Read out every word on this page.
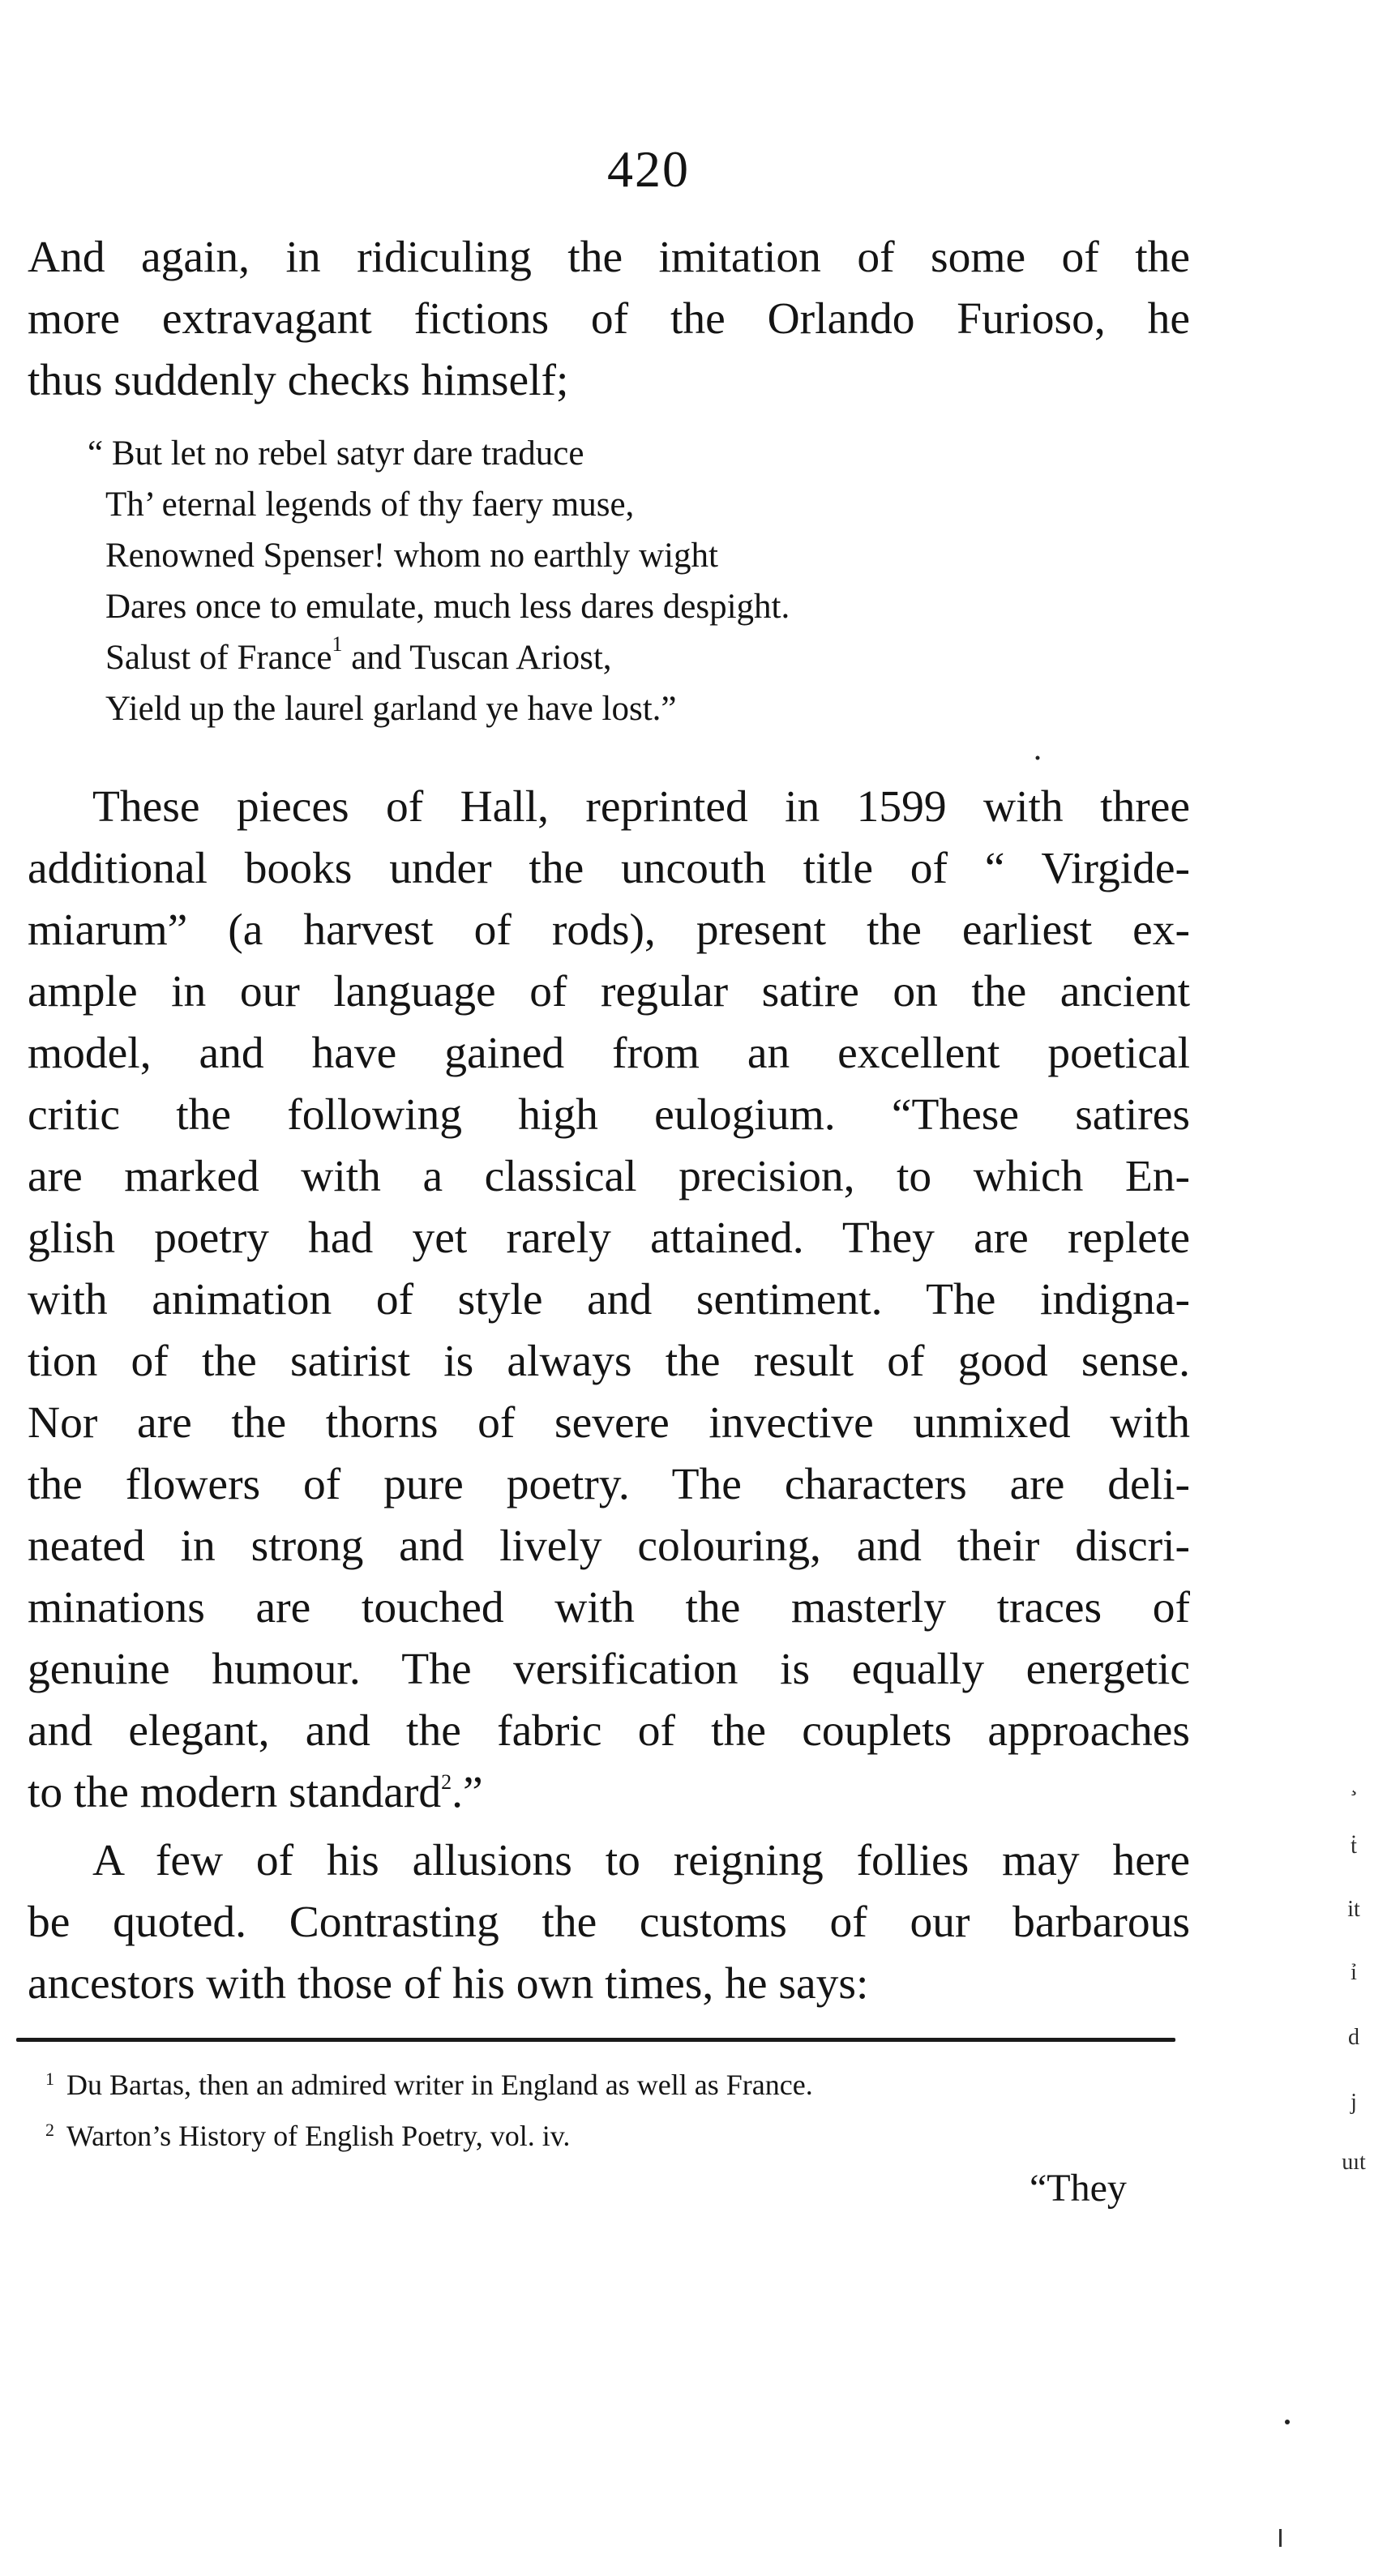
420
And again, in ridiculing the imitation of some of the
more extravagant fictions of the Orlando Furioso, he
thus suddenly checks himself;
“ But let no rebel satyr dare traduce
Th’ eternal legends of thy faery muse,
Renowned Spenser! whom no earthly wight
Dares once to emulate, much less dares despight.
Salust of France$^1$ and Tuscan Ariost,
Yield up the laurel garland ye have lost.”
These pieces of Hall, reprinted in 1599 with three
additional books under the uncouth title of “ Virgide-
miarum” (a harvest of rods), present the earliest ex-
ample in our language of regular satire on the ancient
model, and have gained from an excellent poetical
critic the following high eulogium. “These satires
are marked with a classical precision, to which En-
glish poetry had yet rarely attained. They are replete
with animation of style and sentiment. The indigna-
tion of the satirist is always the result of good sense.
Nor are the thorns of severe invective unmixed with
the flowers of pure poetry. The characters are deli-
neated in strong and lively colouring, and their discri-
minations are touched with the masterly traces of
genuine humour. The versification is equally energetic
and elegant, and the fabric of the couplets approaches
to the modern standard$^2$.”
A few of his allusions to reigning follies may here
be quoted. Contrasting the customs of our barbarous
ancestors with those of his own times, he says:
1 Du Bartas, then an admired writer in England as well as France.
2 Warton’s History of English Poetry, vol. iv.
“They
¸
ṫ
it
ỉ
d
j
uıt
